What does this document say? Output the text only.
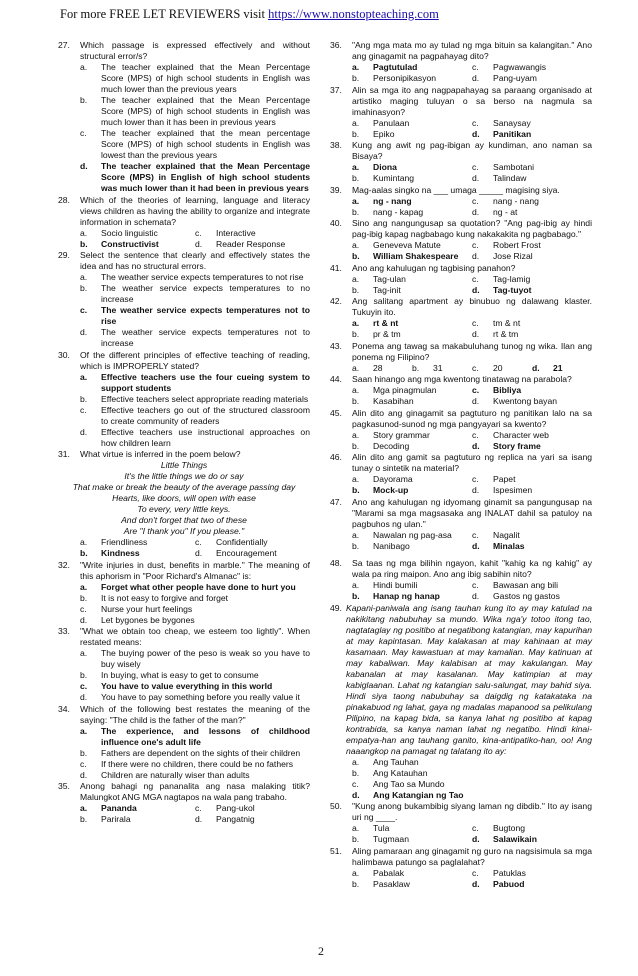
For more FREE LET REVIEWERS visit https://www.nonstopteaching.com
27. Which passage is expressed effectively and without structural error/s?
a. The teacher explained that the Mean Percentage Score (MPS) of high school students in English was much lower than the previous years
b. The teacher explained that the Mean Percentage Score (MPS) of high school students in English was much lower than it has been in previous years
c. The teacher explained that the mean percentage Score (MPS) of high school students in English was lowest than the previous years
d. The teacher explained that the Mean Percentage Score (MPS) in English of high school students was much lower than it had been in previous years
28. Which of the theories of learning, language and literacy views children as having the ability to organize and integrate information in schemata?
a. Socio linguistic	c. Interactive
b. Constructivist	d. Reader Response
29. Select the sentence that clearly and effectively states the idea and has no structural errors.
a. The weather service expects temperatures to not rise
b. The weather service expects temperatures to no increase
c. The weather service expects temperatures not to rise
d. The weather service expects temperatures not to increase
30. Of the different principles of effective teaching of reading, which is IMPROPERLY stated?
a. Effective teachers use the four cueing system to support students
b. Effective teachers select appropriate reading materials
c. Effective teachers go out of the structured classroom to create community of readers
d. Effective teachers use instructional approaches on how children learn
31. What virtue is inferred in the poem below?
Little Things
It's the little things we do or say
That make or break the beauty of the average passing day
Hearts, like doors, will open with ease
To every, very little keys.
And don't forget that two of these
Are "I thank you" If you please."
a. Friendliness	c. Confidentially
b. Kindness	d. Encouragement
32. "Write injuries in dust, benefits in marble." The meaning of this aphorism in "Poor Richard's Almanac" is:
a. Forget what other people have done to hurt you
b. It is not easy to forgive and forget
c. Nurse your hurt feelings
d. Let bygones be bygones
33. "What we obtain too cheap, we esteem too lightly". When restated means:
a. The buying power of the peso is weak so you have to buy wisely
b. In buying, what is easy to get to consume
c. You have to value everything in this world
d. You have to pay something before you really value it
34. Which of the following best restates the meaning of the saying: "The child is the father of the man?"
a. The experience, and lessons of childhood influence one's adult life
b. Fathers are dependent on the sights of their children
c. If there were no children, there could be no fathers
d. Children are naturally wiser than adults
35. Anong bahagi ng pananalita ang nasa malaking titik? Malungkot ANG MGA nagtapos na wala pang trabaho.
a. Pananda	c. Pang-ukol
b. Parirala	d. Pangatnig
36. "Ang mga mata mo ay tulad ng mga bituin sa kalangitan." Ano ang ginagamit na pagpahayag dito?
a. Pagtutulad	c. Pagwawangis
b. Personipikasyon	d. Pang-uyam
37. Alin sa mga ito ang nagpapahayag sa paraang organisado at artistiko maging tuluyan o sa berso na nagmula sa imahinasyon?
a. Panulaan	c. Sanaysay
b. Epiko	d. Panitikan
38. Kung ang awit ng pag-ibigan ay kundiman, ano naman sa Bisaya?
a. Diona	c. Sambotani
b. Kumintang	d. Talindaw
39. Mag-aalas singko na ___ umaga _____ magising siya.
a. ng - nang	c. nang - nang
b. nang - kapag	d. ng - at
40. Sino ang nangungusap sa quotation? "Ang pag-ibig ay hindi pag-ibig kapag nagbabago kung nakakakita ng pagbabago."
a. Geneveva Matute	c. Robert Frost
b. William Shakespeare	d. Jose Rizal
41. Ano ang kahulugan ng tagbising panahon?
a. Tag-ulan	c. Tag-lamig
b. Tag-init	d. Tag-tuyot
42. Ang salitang apartment ay binubuo ng dalawang klaster. Tukuyin ito.
a. rt & nt	c. tm & nt
b. pr & tm	d. rt & tm
43. Ponema ang tawag sa makabuluhang tunog ng wika. Ilan ang ponema ng Filipino?
a. 28	b. 31	c. 20	d. 21
44. Saan hinango ang mga kwentong tinatawag na parabola?
a. Mga pinagmulan	c. Bibliya
b. Kasabihan	d. Kwentong bayan
45. Alin dito ang ginagamit sa pagtuturo ng panitikan lalo na sa pagkasunod-sunod ng mga pangyayari sa kwento?
a. Story grammar	c. Character web
b. Decoding	d. Story frame
46. Alin dito ang gamit sa pagtuturo ng replica na yari sa isang tunay o sintetik na material?
a. Dayorama	c. Papet
b. Mock-up	d. Ispesimen
47. Ano ang kahulugan ng idyomang ginamit sa pangungusap na "Marami sa mga magsasaka ang INALAT dahil sa patuloy na pagbuhos ng ulan."
a. Nawalan ng pag-asa	c. Nagalit
b. Nanibago	d. Minalas
48. Sa taas ng mga bilihin ngayon, kahit "kahig ka ng kahig" ay wala pa ring maipon. Ano ang ibig sabihin nito?
a. Hindi bumili	c. Bawasan ang bili
b. Hanap ng hanap	d. Gastos ng gastos
49. Kapani-paniwala ang isang tauhan kung ito ay may katulad na nakikitang nabubuhay sa mundo. Wika nga'y totoo itong tao, nagtataglay ng positibo at negatibong katangian, may kapurihan at may kapintasan. May kalakasan at may kahinaan at may kasamaan. May kawastuan at may kamalian. May katinuan at may kabaliwan. May kalabisan at may kakulangan. May kabanalan at may kasalanan. May katimpian at may kabiglaanan. Lahat ng katangian salu-salungat, may bahid siya. Hindi siya taong nabubuhay sa daigdig ng katakataka na pinakabuod ng lahat, gaya ng madalas mapanood sa pelikulang Pilipino, na kapag bida, sa kanya lahat ng positibo at kapag kontrabida, sa kanya naman lahat ng negatibo. Hindi kinai-empatya-han ang tauhang ganito, kina-antipatiko-han, oo! Ang naaangkop na pamagat ng talatang ito ay:
a. Ang Tauhan
b. Ang Katauhan
c. Ang Tao sa Mundo
d. Ang Katangian ng Tao
50. "Kung anong bukambibig siyang laman ng dibdib." Ito ay isang uri ng ____.
a. Tula	c. Bugtong
b. Tugmaan	d. Salawikain
51. Aling pamaraan ang ginagamit ng guro na nagsisimula sa mga halimbawa patungo sa paglalahat?
a. Pabalak	c. Patuklas
b. Pasaklaw	d. Pabuod
2
